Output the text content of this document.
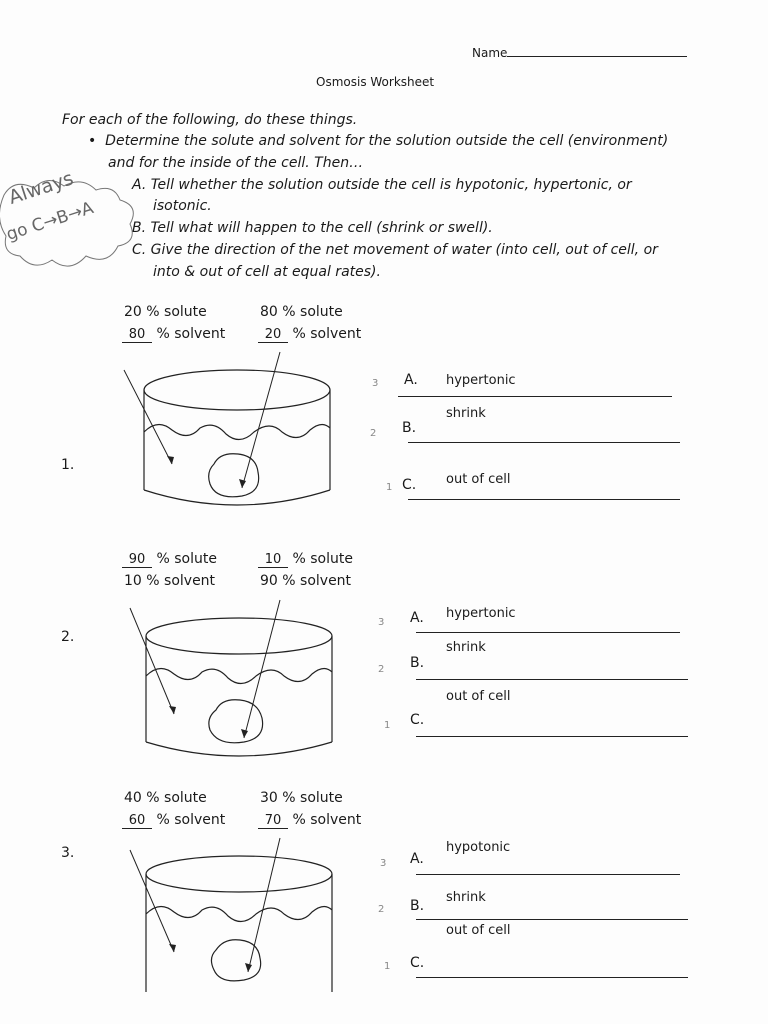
Name
Osmosis Worksheet
For each of the following, do these things.
•  Determine the solute and solvent for the solution outside the cell (environment)
and for the inside of the cell. Then…
A. Tell whether the solution outside the cell is hypotonic, hypertonic, or
isotonic.
B. Tell what will happen to the cell (shrink or swell).
C. Give the direction of the net movement of water (into cell, out of cell, or
into & out of cell at equal rates).
Always
go C→B→A
20 % solute
80 % solvent
80 % solute
20 % solvent
1.
3 A. hypertonic
2 B.
shrink
1 C. out of cell
90 % solute
10 % solvent
10 % solute
90 % solvent
2.
3 A. hypertonic
2 B.
shrink
1 C.
out of cell
40 % solute
60 % solvent
30 % solute
70 % solvent
3.
3 A.
hypotonic
2 B.
shrink
1 C.
out of cell
